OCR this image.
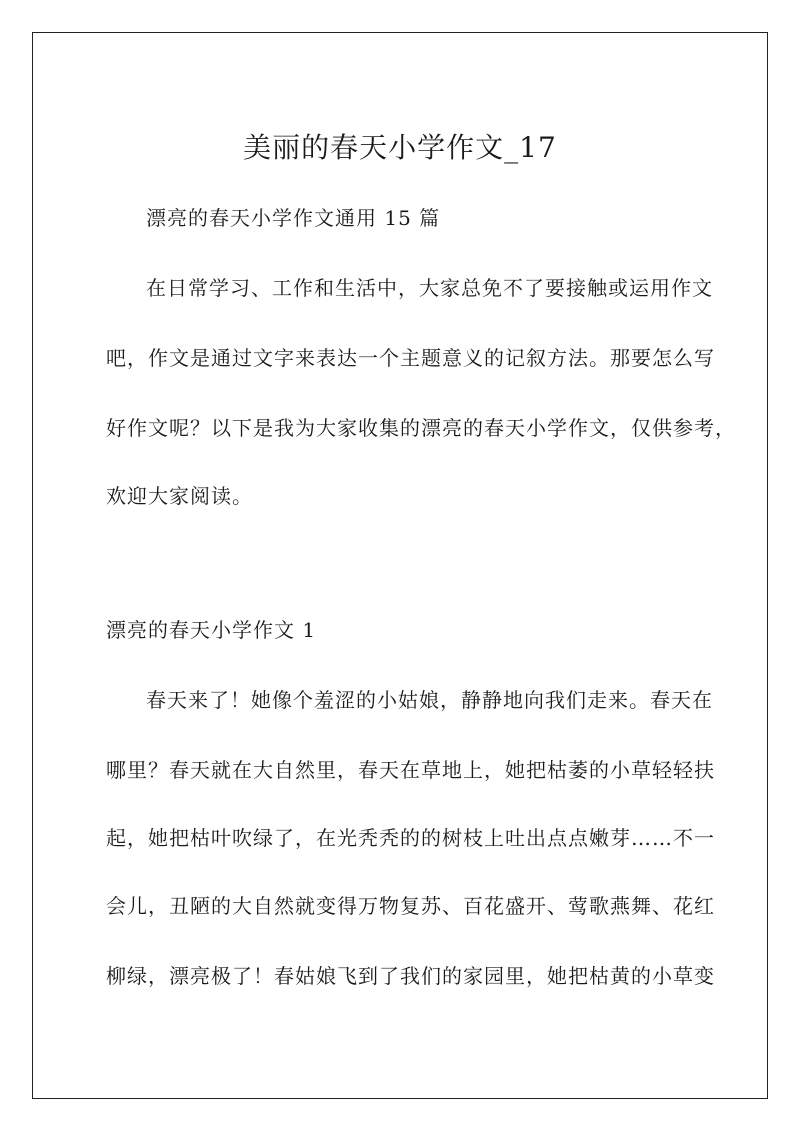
美丽的春天小学作文_17

漂亮的春天小学作文通用 15 篇

在日常学习、工作和生活中，大家总免不了要接触或运用作文

吧，作文是通过文字来表达一个主题意义的记叙方法。那要怎么写

好作文呢？以下是我为大家收集的漂亮的春天小学作文，仅供参考，

欢迎大家阅读。

漂亮的春天小学作文 1

春天来了！她像个羞涩的小姑娘，静静地向我们走来。春天在

哪里？春天就在大自然里，春天在草地上，她把枯萎的小草轻轻扶

起，她把枯叶吹绿了，在光秃秃的的树枝上吐出点点嫩芽……不一

会儿，丑陋的大自然就变得万物复苏、百花盛开、莺歌燕舞、花红

柳绿，漂亮极了！春姑娘飞到了我们的家园里，她把枯黄的小草变
